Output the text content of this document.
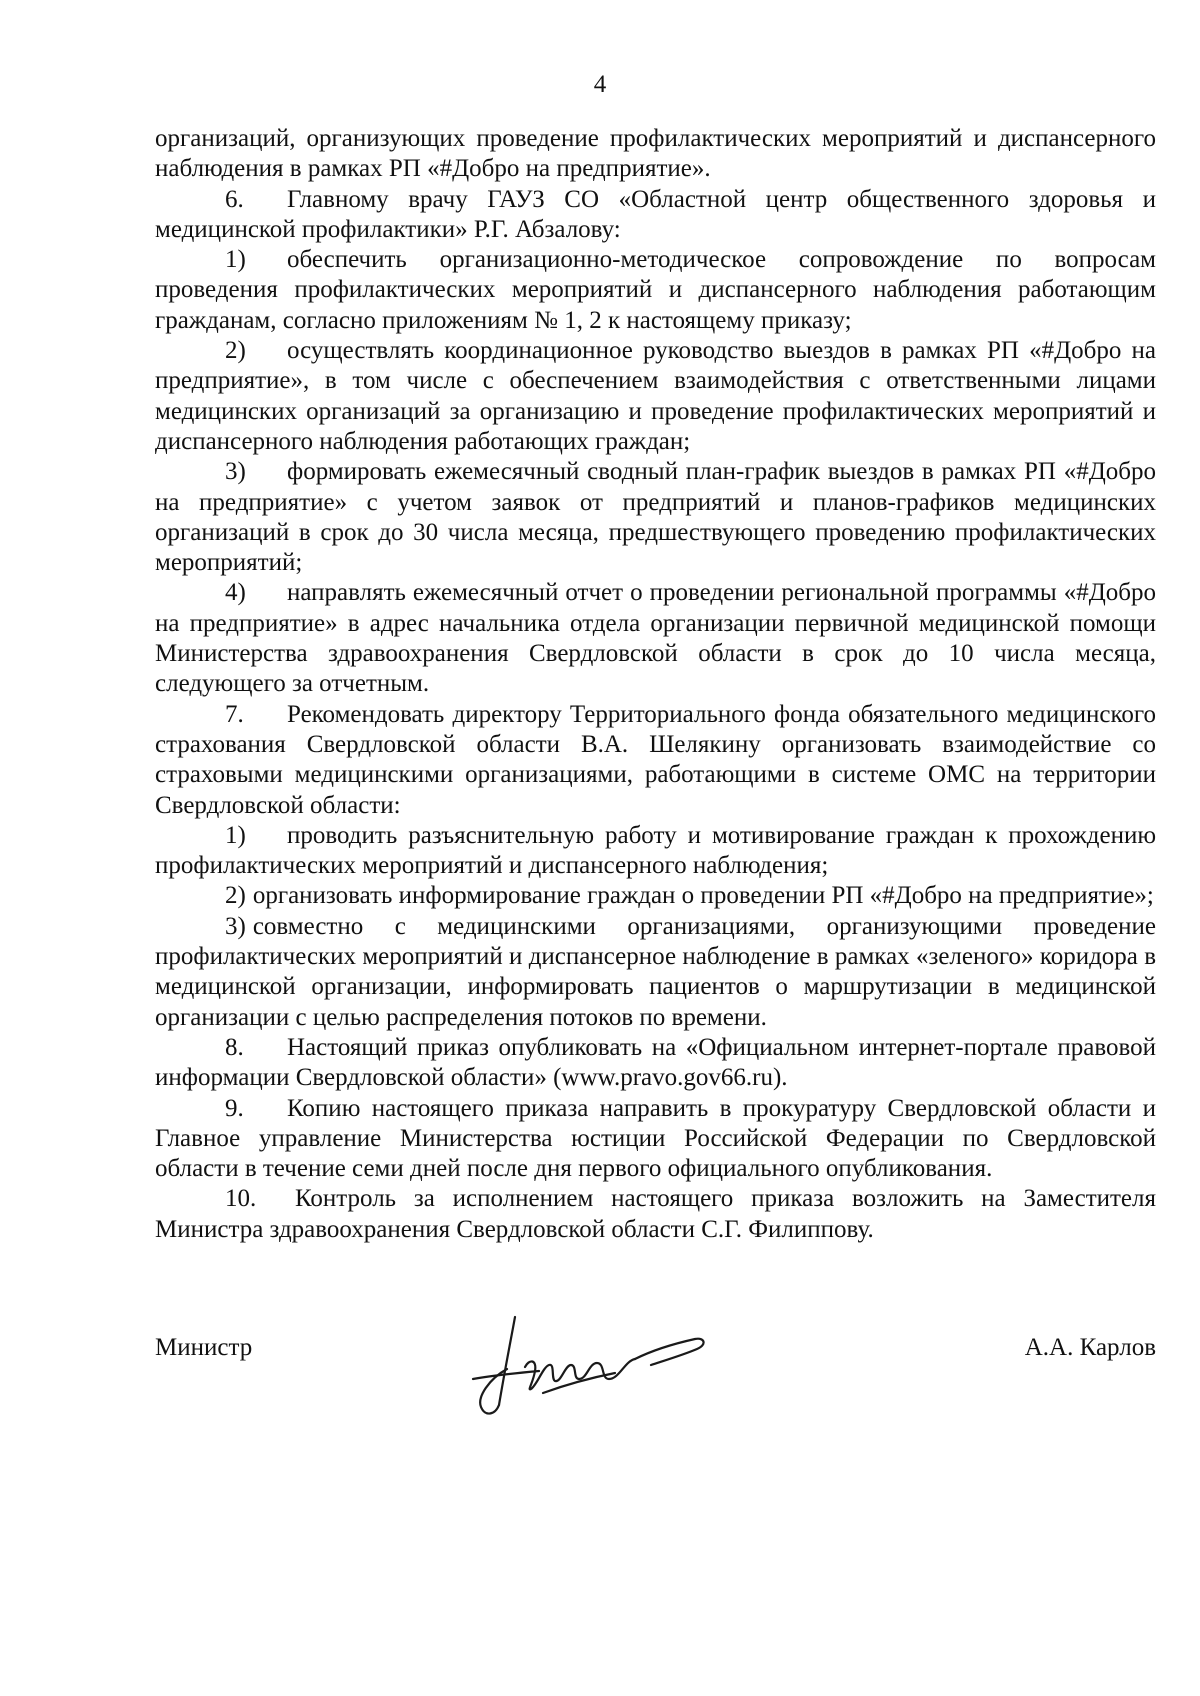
4

организаций, организующих проведение профилактических мероприятий и диспансерного наблюдения в рамках РП «#Добро на предприятие».

6. Главному врачу ГАУЗ СО «Областной центр общественного здоровья и медицинской профилактики» Р.Г. Абзалову:

1) обеспечить организационно-методическое сопровождение по вопросам проведения профилактических мероприятий и диспансерного наблюдения работающим гражданам, согласно приложениям № 1, 2 к настоящему приказу;

2) осуществлять координационное руководство выездов в рамках РП «#Добро на предприятие», в том числе с обеспечением взаимодействия с ответственными лицами медицинских организаций за организацию и проведение профилактических мероприятий и диспансерного наблюдения работающих граждан;

3) формировать ежемесячный сводный план-график выездов в рамках РП «#Добро на предприятие» с учетом заявок от предприятий и планов-графиков медицинских организаций в срок до 30 числа месяца, предшествующего проведению профилактических мероприятий;

4) направлять ежемесячный отчет о проведении региональной программы «#Добро на предприятие» в адрес начальника отдела организации первичной медицинской помощи Министерства здравоохранения Свердловской области в срок до 10 числа месяца, следующего за отчетным.

7. Рекомендовать директору Территориального фонда обязательного медицинского страхования Свердловской области В.А. Шелякину организовать взаимодействие со страховыми медицинскими организациями, работающими в системе ОМС на территории Свердловской области:

1) проводить разъяснительную работу и мотивирование граждан к прохождению профилактических мероприятий и диспансерного наблюдения;

2) организовать информирование граждан о проведении РП «#Добро на предприятие»;

3) совместно с медицинскими организациями, организующими проведение профилактических мероприятий и диспансерное наблюдение в рамках «зеленого» коридора в медицинской организации, информировать пациентов о маршрутизации в медицинской организации с целью распределения потоков по времени.

8. Настоящий приказ опубликовать на «Официальном интернет-портале правовой информации Свердловской области» (www.pravo.gov66.ru).

9. Копию настоящего приказа направить в прокуратуру Свердловской области и Главное управление Министерства юстиции Российской Федерации по Свердловской области в течение семи дней после дня первого официального опубликования.

10. Контроль за исполнением настоящего приказа возложить на Заместителя Министра здравоохранения Свердловской области С.Г. Филиппову.

Министр	А.А. Карлов
